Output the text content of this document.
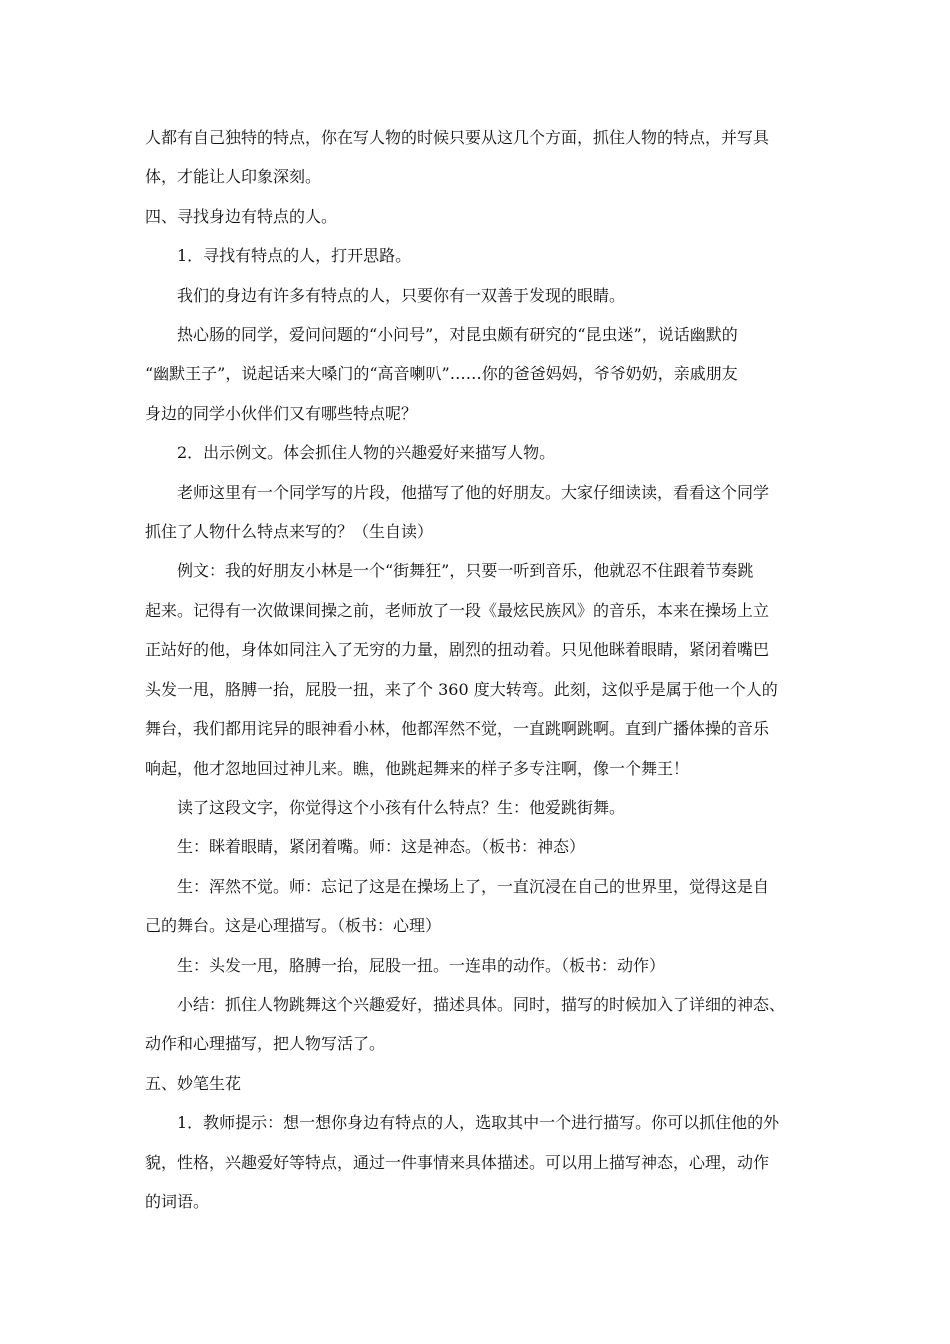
人都有自己独特的特点，你在写人物的时候只要从这几个方面，抓住人物的特点，并写具

体，才能让人印象深刻。

四、寻找身边有特点的人。

1．寻找有特点的人，打开思路。

我们的身边有许多有特点的人，只要你有一双善于发现的眼睛。

热心肠的同学，爱问问题的“小问号”，对昆虫颇有研究的“昆虫迷”，说话幽默的

“幽默王子”，说起话来大嗓门的“高音喇叭”……你的爸爸妈妈，爷爷奶奶，亲戚朋友

身边的同学小伙伴们又有哪些特点呢？

2．出示例文。体会抓住人物的兴趣爱好来描写人物。

老师这里有一个同学写的片段，他描写了他的好朋友。大家仔细读读，看看这个同学

抓住了人物什么特点来写的？（生自读）

例文：我的好朋友小林是一个“街舞狂”，只要一听到音乐，他就忍不住跟着节奏跳

起来。记得有一次做课间操之前，老师放了一段《最炫民族风》的音乐，本来在操场上立

正站好的他，身体如同注入了无穷的力量，剧烈的扭动着。只见他眯着眼睛，紧闭着嘴巴

头发一甩，胳膊一抬，屁股一扭，来了个 360 度大转弯。此刻，这似乎是属于他一个人的

舞台，我们都用诧异的眼神看小林，他都浑然不觉，一直跳啊跳啊。直到广播体操的音乐

响起，他才忽地回过神儿来。瞧，他跳起舞来的样子多专注啊，像一个舞王！

读了这段文字，你觉得这个小孩有什么特点？生：他爱跳街舞。

生：眯着眼睛，紧闭着嘴。师：这是神态。（板书：神态）

生：浑然不觉。师：忘记了这是在操场上了，一直沉浸在自己的世界里，觉得这是自

己的舞台。这是心理描写。（板书：心理）

生：头发一甩，胳膊一抬，屁股一扭。一连串的动作。（板书：动作）

小结：抓住人物跳舞这个兴趣爱好，描述具体。同时，描写的时候加入了详细的神态、

动作和心理描写，把人物写活了。

五、妙笔生花

1．教师提示：想一想你身边有特点的人，选取其中一个进行描写。你可以抓住他的外

貌，性格，兴趣爱好等特点，通过一件事情来具体描述。可以用上描写神态，心理，动作

的词语。
